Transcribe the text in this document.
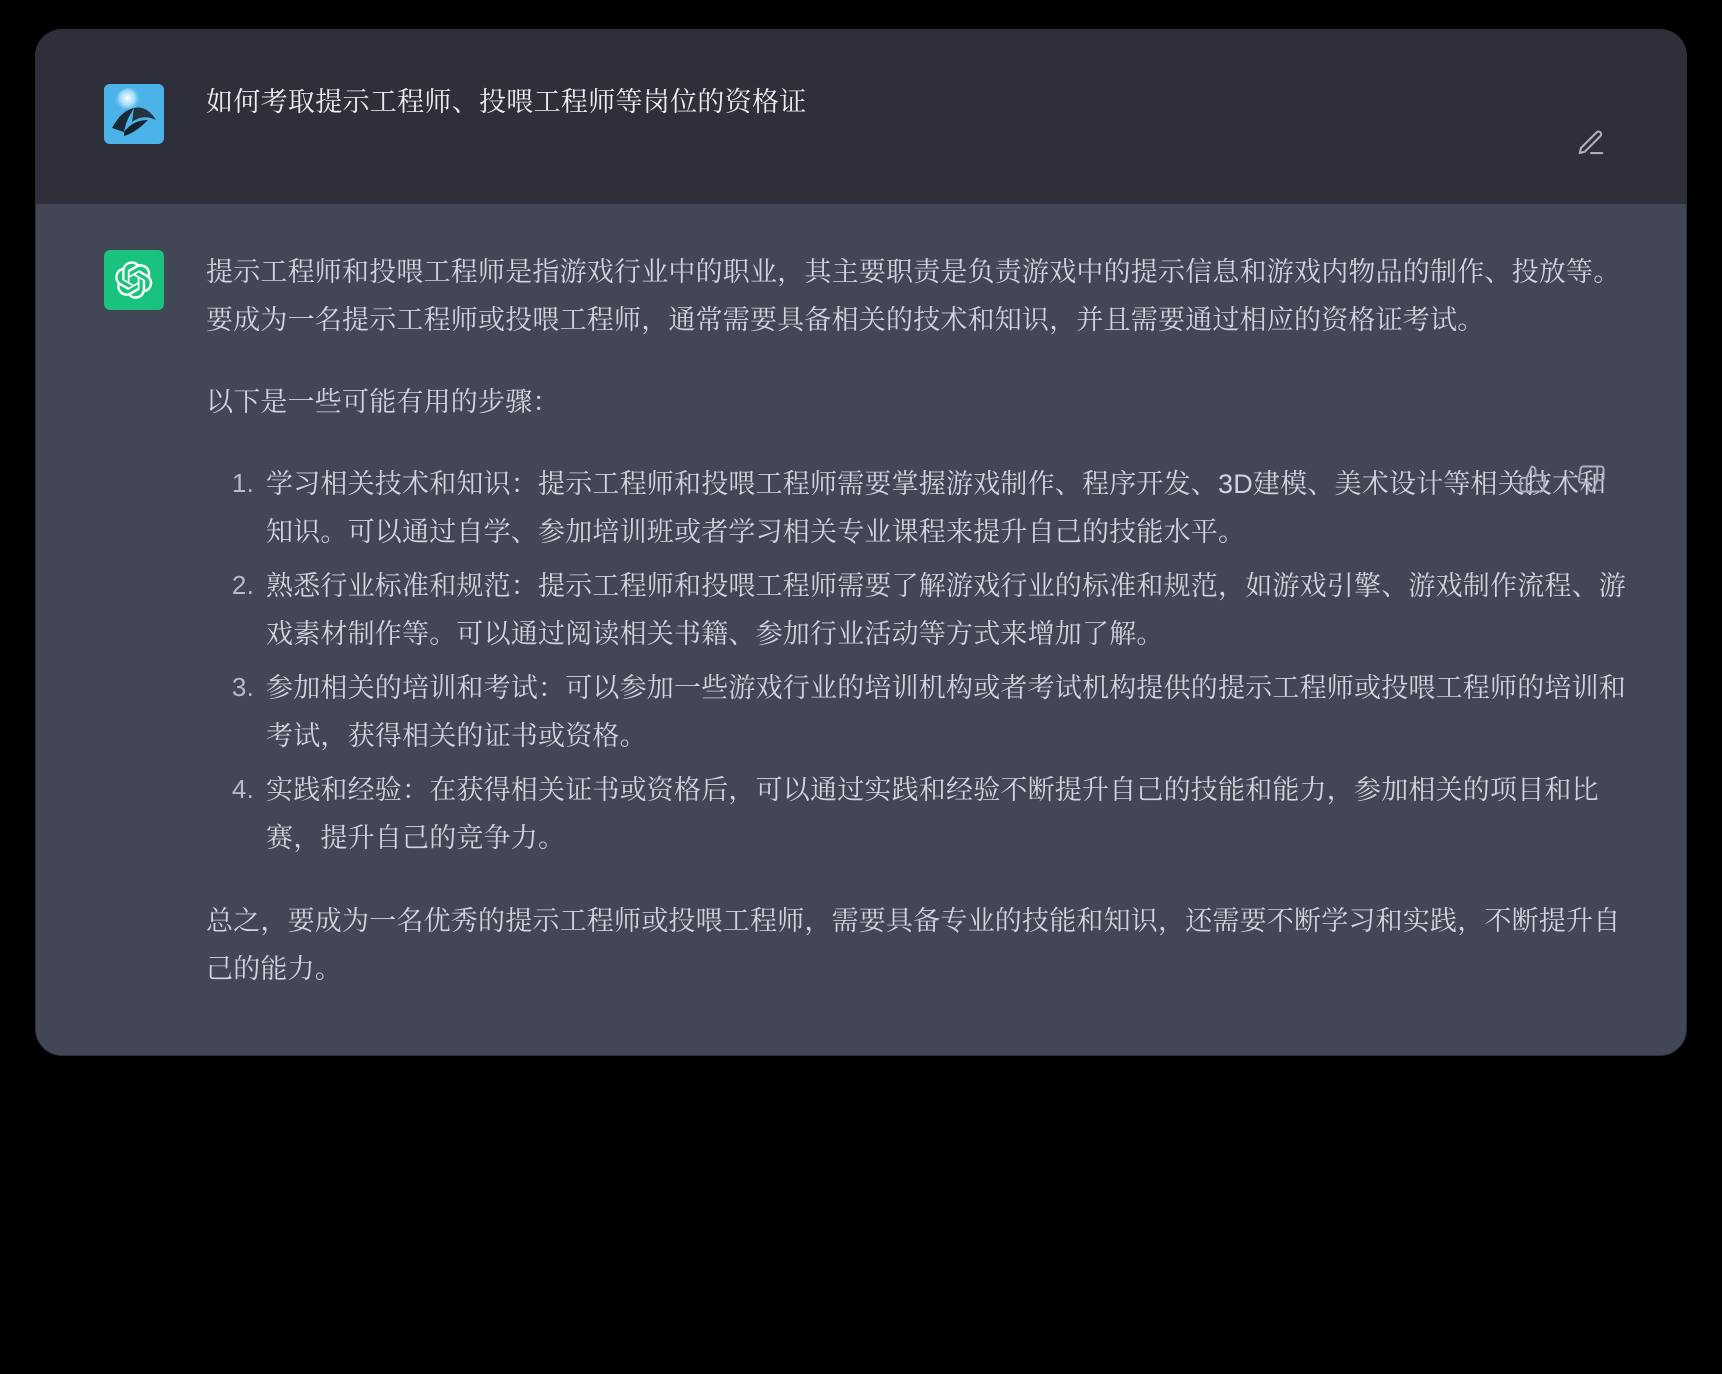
如何考取提示工程师、投喂工程师等岗位的资格证

提示工程师和投喂工程师是指游戏行业中的职业，其主要职责是负责游戏中的提示信息和游戏内物品的制作、投放等。要成为一名提示工程师或投喂工程师，通常需要具备相关的技术和知识，并且需要通过相应的资格证考试。

以下是一些可能有用的步骤：

学习相关技术和知识：提示工程师和投喂工程师需要掌握游戏制作、程序开发、3D建模、美术设计等相关技术和知识。可以通过自学、参加培训班或者学习相关专业课程来提升自己的技能水平。
熟悉行业标准和规范：提示工程师和投喂工程师需要了解游戏行业的标准和规范，如游戏引擎、游戏制作流程、游戏素材制作等。可以通过阅读相关书籍、参加行业活动等方式来增加了解。
参加相关的培训和考试：可以参加一些游戏行业的培训机构或者考试机构提供的提示工程师或投喂工程师的培训和考试，获得相关的证书或资格。
实践和经验：在获得相关证书或资格后，可以通过实践和经验不断提升自己的技能和能力，参加相关的项目和比赛，提升自己的竞争力。

总之，要成为一名优秀的提示工程师或投喂工程师，需要具备专业的技能和知识，还需要不断学习和实践，不断提升自己的能力。
